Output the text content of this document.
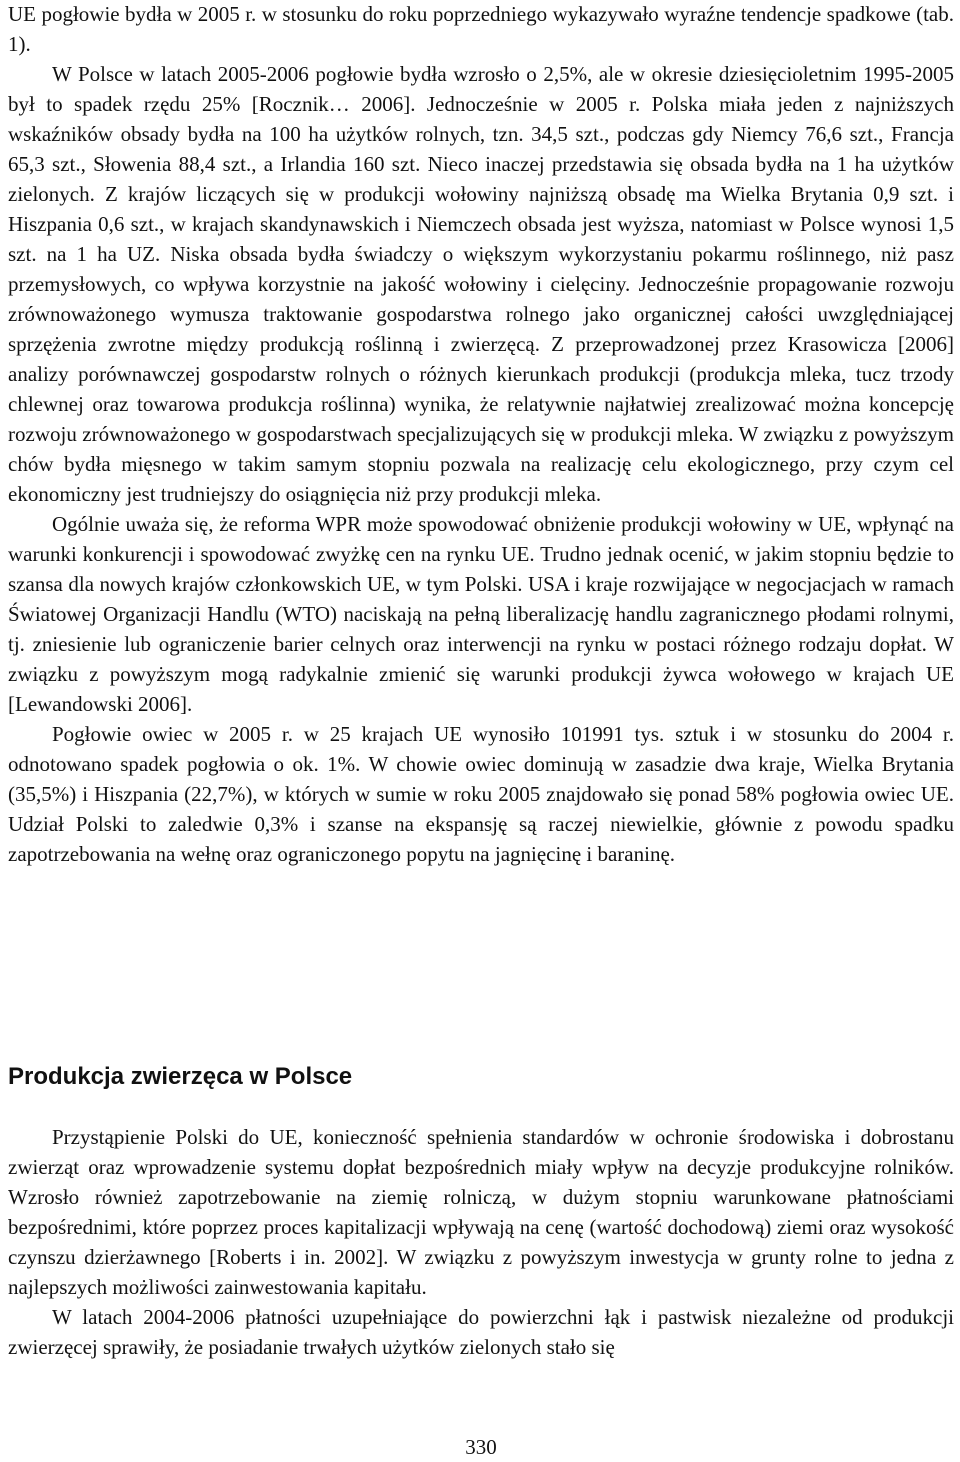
UE pogłowie bydła w 2005 r. w stosunku do roku poprzedniego wykazywało wyraźne tendencje spadkowe (tab. 1).

W Polsce w latach 2005-2006 pogłowie bydła wzrosło o 2,5%, ale w okresie dziesięcioletnim 1995-2005 był to spadek rzędu 25% [Rocznik… 2006]. Jednocześnie w 2005 r. Polska miała jeden z najniższych wskaźników obsady bydła na 100 ha użytków rolnych, tzn. 34,5 szt., podczas gdy Niemcy 76,6 szt., Francja 65,3 szt., Słowenia 88,4 szt., a Irlandia 160 szt. Nieco inaczej przedstawia się obsada bydła na 1 ha użytków zielonych. Z krajów liczących się w produkcji wołowiny najniższą obsadę ma Wielka Brytania 0,9 szt. i Hiszpania 0,6 szt., w krajach skandynawskich i Niemczech obsada jest wyższa, natomiast w Polsce wynosi 1,5 szt. na 1 ha UZ. Niska obsada bydła świadczy o większym wykorzystaniu pokarmu roślinnego, niż pasz przemysłowych, co wpływa korzystnie na jakość wołowiny i cielęciny. Jednocześnie propagowanie rozwoju zrównoważonego wymusza traktowanie gospodarstwa rolnego jako organicznej całości uwzględniającej sprzężenia zwrotne między produkcją roślinną i zwierzęcą. Z przeprowadzonej przez Krasowicza [2006] analizy porównawczej gospodarstw rolnych o różnych kierunkach produkcji (produkcja mleka, tucz trzody chlewnej oraz towarowa produkcja roślinna) wynika, że relatywnie najłatwiej zrealizować można koncepcję rozwoju zrównoważonego w gospodarstwach specjalizujących się w produkcji mleka. W związku z powyższym chów bydła mięsnego w takim samym stopniu pozwala na realizację celu ekologicznego, przy czym cel ekonomiczny jest trudniejszy do osiągnięcia niż przy produkcji mleka.

Ogólnie uważa się, że reforma WPR może spowodować obniżenie produkcji wołowiny w UE, wpłynąć na warunki konkurencji i spowodować zwyżkę cen na rynku UE. Trudno jednak ocenić, w jakim stopniu będzie to szansa dla nowych krajów członkowskich UE, w tym Polski. USA i kraje rozwijające w negocjacjach w ramach Światowej Organizacji Handlu (WTO) naciskają na pełną liberalizację handlu zagranicznego płodami rolnymi, tj. zniesienie lub ograniczenie barier celnych oraz interwencji na rynku w postaci różnego rodzaju dopłat. W związku z powyższym mogą radykalnie zmienić się warunki produkcji żywca wołowego w krajach UE [Lewandowski 2006].

Pogłowie owiec w 2005 r. w 25 krajach UE wynosiło 101991 tys. sztuk i w stosunku do 2004 r. odnotowano spadek pogłowia o ok. 1%. W chowie owiec dominują w zasadzie dwa kraje, Wielka Brytania (35,5%) i Hiszpania (22,7%), w których w sumie w roku 2005 znajdowało się ponad 58% pogłowia owiec UE. Udział Polski to zaledwie 0,3% i szanse na ekspansję są raczej niewielkie, głównie z powodu spadku zapotrzebowania na wełnę oraz ograniczonego popytu na jagnięcinę i baraninę.

Produkcja zwierzęca w Polsce

Przystąpienie Polski do UE, konieczność spełnienia standardów w ochronie środowiska i dobrostanu zwierząt oraz wprowadzenie systemu dopłat bezpośrednich miały wpływ na decyzje produkcyjne rolników. Wzrosło również zapotrzebowanie na ziemię rolniczą, w dużym stopniu warunkowane płatnościami bezpośrednimi, które poprzez proces kapitalizacji wpływają na cenę (wartość dochodową) ziemi oraz wysokość czynszu dzierżawnego [Roberts i in. 2002]. W związku z powyższym inwestycja w grunty rolne to jedna z najlepszych możliwości zainwestowania kapitału.

W latach 2004-2006 płatności uzupełniające do powierzchni łąk i pastwisk niezależne od produkcji zwierzęcej sprawiły, że posiadanie trwałych użytków zielonych stało się

330
